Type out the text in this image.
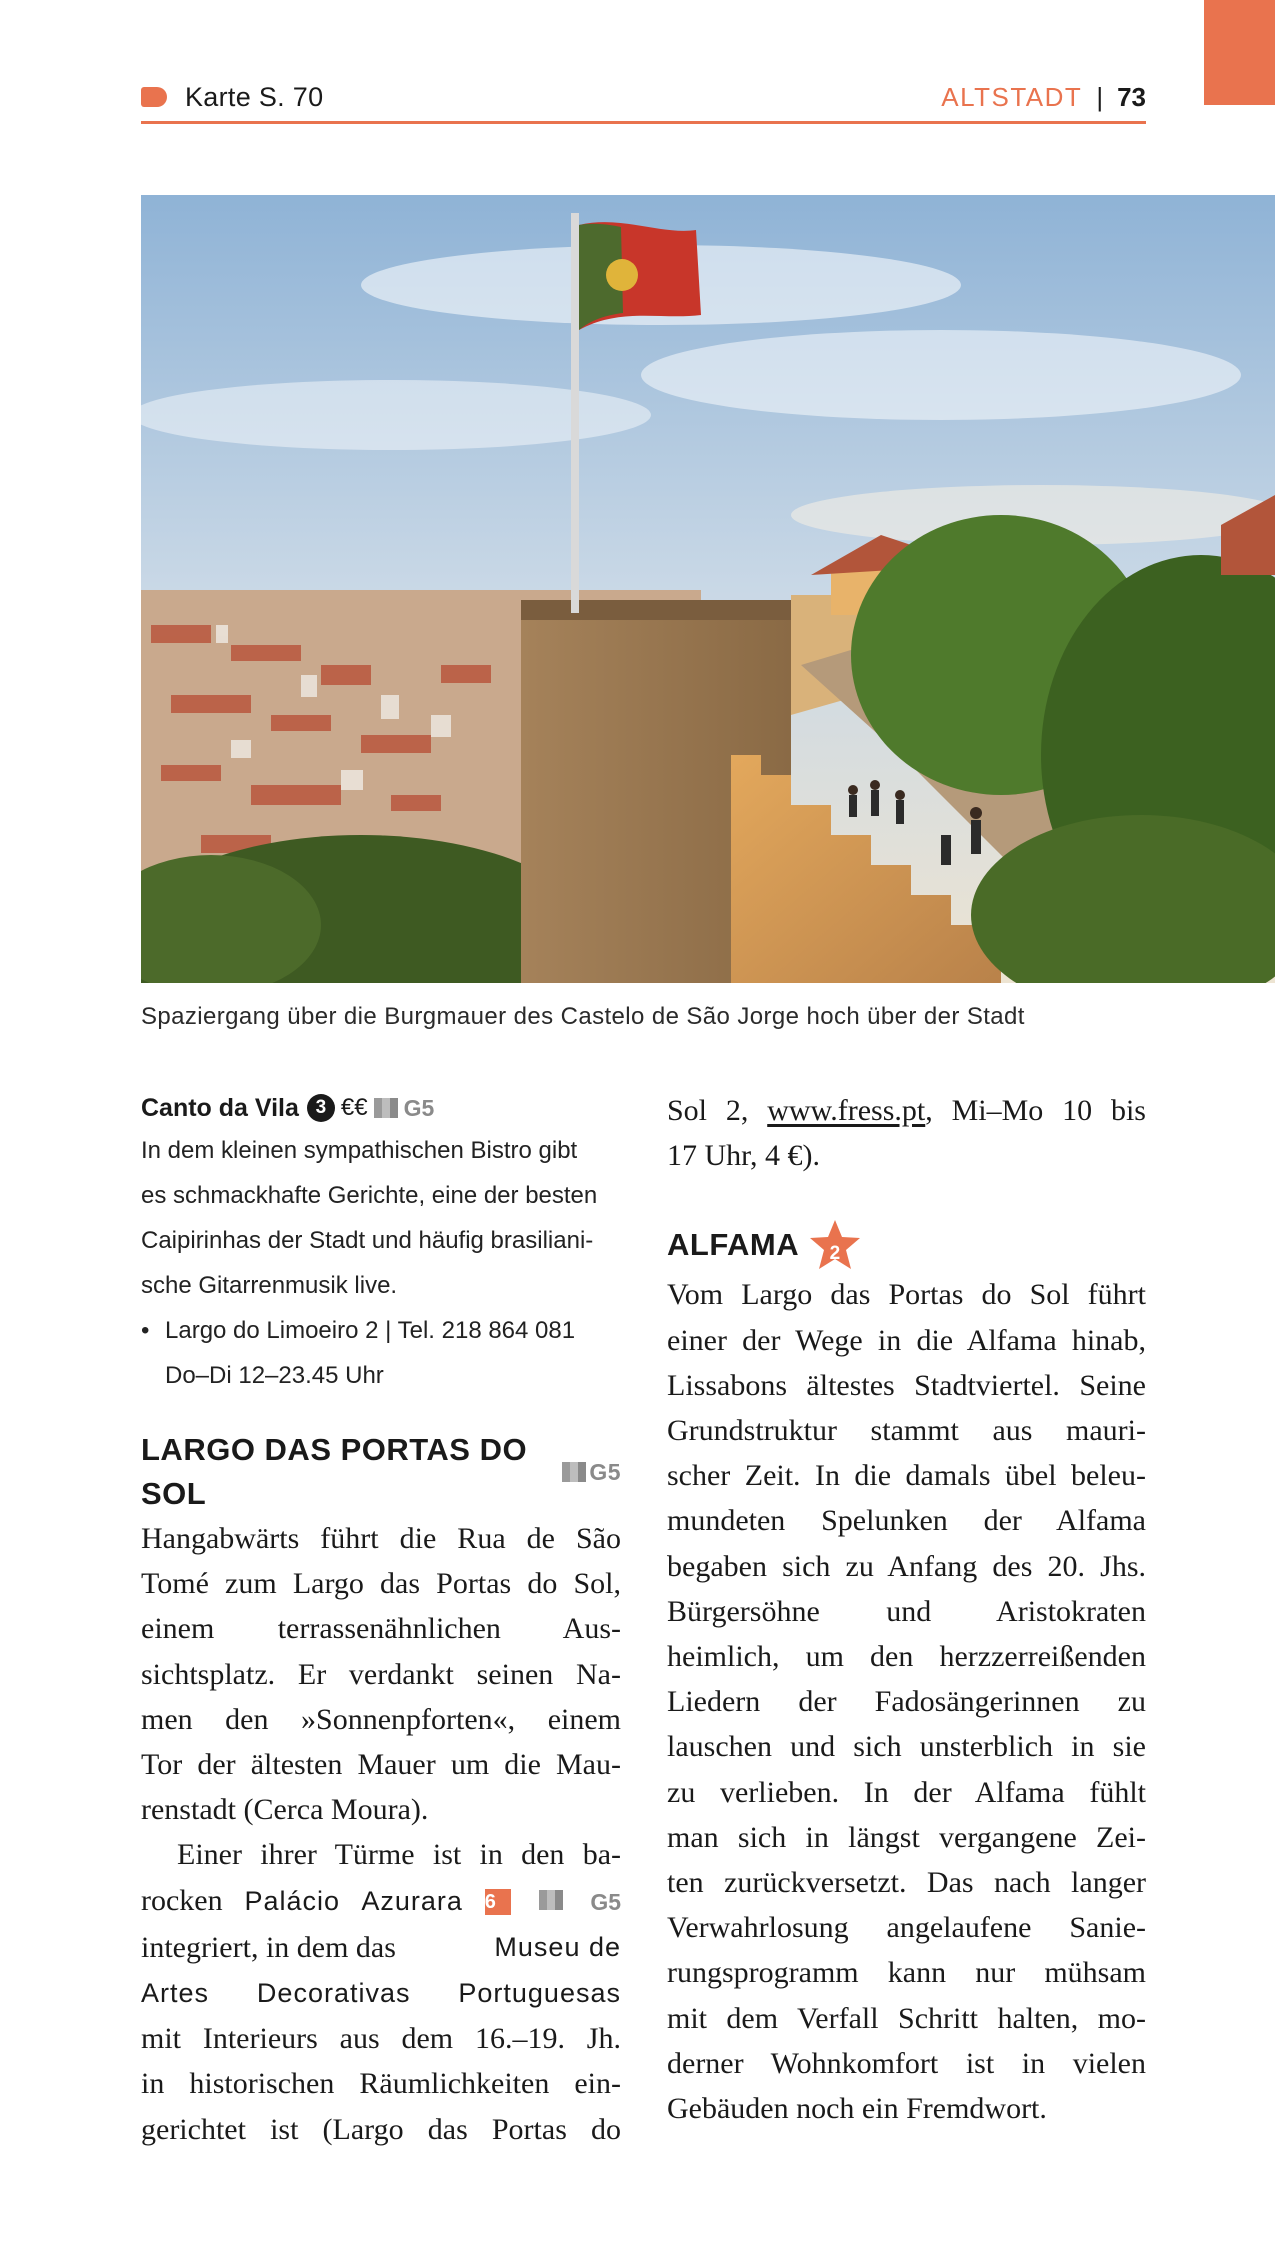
Karte S. 70	ALTSTADT | 73
Spaziergang über die Burgmauer des Castelo de São Jorge hoch über der Stadt
Canto da Vila 3 €€ G5
In dem kleinen sympathischen Bistro gibt
es schmackhafte Gerichte, eine der besten
Caipirinhas der Stadt und häufig brasiliani-
sche Gitarrenmusik live.
• Largo do Limoeiro 2 | Tel. 218 864 081
Do–Di 12–23.45 Uhr
LARGO DAS PORTAS DO SOL
G5
Hangabwärts führt die Rua de São
Tomé zum Largo das Portas do Sol,
einem terrassenähnlichen Aus-
sichtsplatz. Er verdankt seinen Na-
men den »Sonnenpforten«, einem
Tor der ältesten Mauer um die Mau-
renstadt (Cerca Moura).
Einer ihrer Türme ist in den ba-
rocken Palácio Azurara 6	G5
integriert, in dem das	Museu de
Artes Decorativas Portuguesas
mit Interieurs aus dem 16.–19. Jh.
in historischen Räumlichkeiten ein-
gerichtet ist (Largo das Portas do
Sol 2, www.fress.pt, Mi–Mo 10 bis
17 Uhr, 4 €).
ALFAMA	2
Vom Largo das Portas do Sol führt
einer der Wege in die Alfama hinab,
Lissabons ältestes Stadtviertel. Seine
Grundstruktur stammt aus mauri-
scher Zeit. In die damals übel beleu-
mundeten Spelunken der Alfama
begaben sich zu Anfang des 20. Jhs.
Bürgersöhne und Aristokraten
heimlich, um den herzzerreißenden
Liedern der Fadosängerinnen zu
lauschen und sich unsterblich in sie
zu verlieben. In der Alfama fühlt
man sich in längst vergangene Zei-
ten zurückversetzt. Das nach langer
Verwahrlosung angelaufene Sanie-
rungsprogramm kann nur mühsam
mit dem Verfall Schritt halten, mo-
derner Wohnkomfort ist in vielen
Gebäuden noch ein Fremdwort.
